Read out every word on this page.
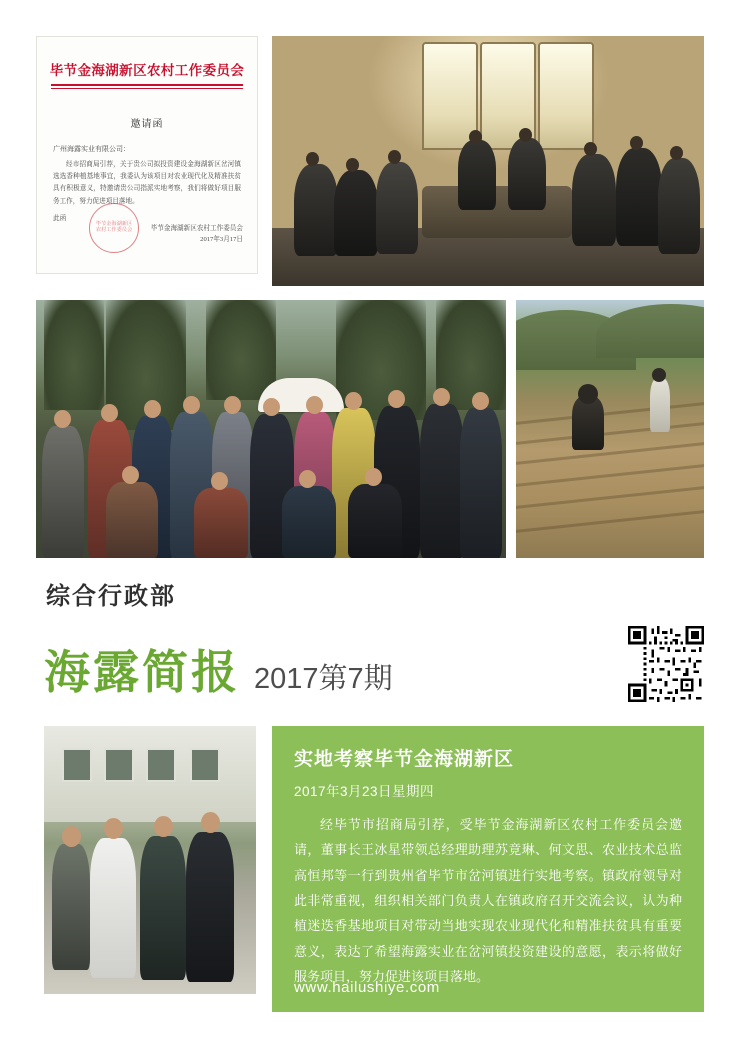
毕节金海湖新区农村工作委员会
邀请函
广州海露实业有限公司：
经市招商局引荐，关于贵公司拟投资建设金海湖新区岔河镇选选香种植基地事宜，我委认为该项目对农业现代化及精准扶贫具有积极意义，特邀请贵公司指派实地考察，我们将做好项目服务工作，努力促进项目落地。
此函
毕节金海湖新区农村工作委员会	毕节金海湖新区农村工作委员会
2017年3月17日
综合行政部
海露简报 2017第7期
实地考察毕节金海湖新区
2017年3月23日星期四
经毕节市招商局引荐，受毕节金海湖新区农村工作委员会邀请，董事长王冰星带领总经理助理苏竟琳、何文思、农业技术总监高恒邦等一行到贵州省毕节市岔河镇进行实地考察。镇政府领导对此非常重视，组织相关部门负责人在镇政府召开交流会议，认为种植迷迭香基地项目对带动当地实现农业现代化和精准扶贫具有重要意义，表达了希望海露实业在岔河镇投资建设的意愿，表示将做好服务项目，努力促进该项目落地。
www.hailushiye.com
